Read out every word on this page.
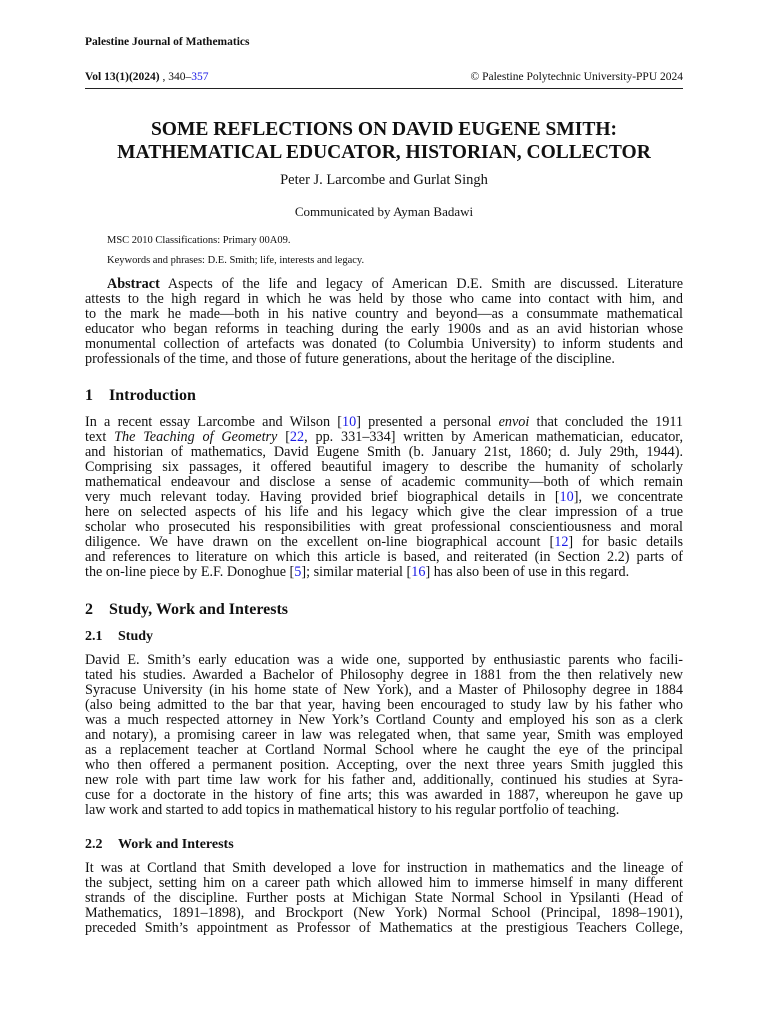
Palestine Journal of Mathematics
Vol 13(1)(2024) , 340–357	© Palestine Polytechnic University-PPU 2024
SOME REFLECTIONS ON DAVID EUGENE SMITH:
MATHEMATICAL EDUCATOR, HISTORIAN, COLLECTOR
Peter J. Larcombe and Gurlat Singh
Communicated by Ayman Badawi
MSC 2010 Classifications: Primary 00A09.
Keywords and phrases: D.E. Smith; life, interests and legacy.
Abstract Aspects of the life and legacy of American D.E. Smith are discussed. Literature
attests to the high regard in which he was held by those who came into contact with him, and
to the mark he made—both in his native country and beyond—as a consummate mathematical
educator who began reforms in teaching during the early 1900s and as an avid historian whose
monumental collection of artefacts was donated (to Columbia University) to inform students and
professionals of the time, and those of future generations, about the heritage of the discipline.
1 Introduction
In a recent essay Larcombe and Wilson [10] presented a personal envoi that concluded the 1911
text The Teaching of Geometry [22, pp. 331–334] written by American mathematician, educator,
and historian of mathematics, David Eugene Smith (b. January 21st, 1860; d. July 29th, 1944).
Comprising six passages, it offered beautiful imagery to describe the humanity of scholarly
mathematical endeavour and disclose a sense of academic community—both of which remain
very much relevant today. Having provided brief biographical details in [10], we concentrate
here on selected aspects of his life and his legacy which give the clear impression of a true
scholar who prosecuted his responsibilities with great professional conscientiousness and moral
diligence. We have drawn on the excellent on-line biographical account [12] for basic details
and references to literature on which this article is based, and reiterated (in Section 2.2) parts of
the on-line piece by E.F. Donoghue [5]; similar material [16] has also been of use in this regard.
2 Study, Work and Interests
2.1 Study
David E. Smith’s early education was a wide one, supported by enthusiastic parents who facili-
tated his studies. Awarded a Bachelor of Philosophy degree in 1881 from the then relatively new
Syracuse University (in his home state of New York), and a Master of Philosophy degree in 1884
(also being admitted to the bar that year, having been encouraged to study law by his father who
was a much respected attorney in New York’s Cortland County and employed his son as a clerk
and notary), a promising career in law was relegated when, that same year, Smith was employed
as a replacement teacher at Cortland Normal School where he caught the eye of the principal
who then offered a permanent position. Accepting, over the next three years Smith juggled this
new role with part time law work for his father and, additionally, continued his studies at Syra-
cuse for a doctorate in the history of fine arts; this was awarded in 1887, whereupon he gave up
law work and started to add topics in mathematical history to his regular portfolio of teaching.
2.2 Work and Interests
It was at Cortland that Smith developed a love for instruction in mathematics and the lineage of
the subject, setting him on a career path which allowed him to immerse himself in many different
strands of the discipline. Further posts at Michigan State Normal School in Ypsilanti (Head of
Mathematics, 1891–1898), and Brockport (New York) Normal School (Principal, 1898–1901),
preceded Smith’s appointment as Professor of Mathematics at the prestigious Teachers College,
